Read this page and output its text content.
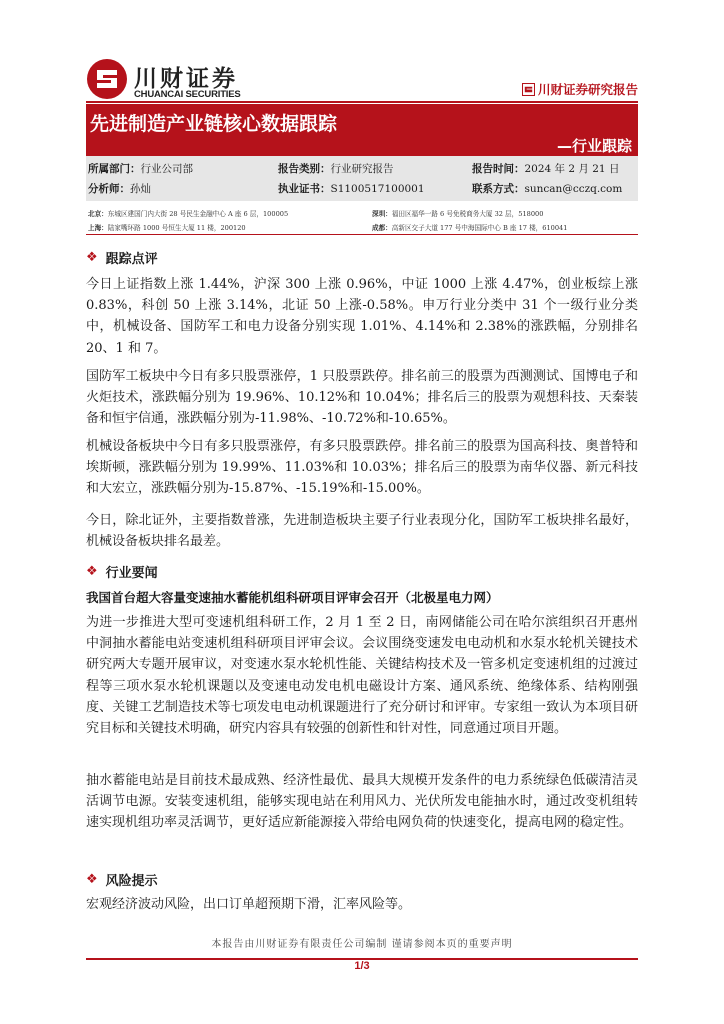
川财证券
CHUANCAI SECURITIES	川财证券研究报告
先进制造产业链核心数据跟踪
—行业跟踪
所属部门：行业公司部	报告类别：行业研究报告	报告时间：2024 年 2 月 21 日
分析师：孙灿	执业证书：S1100517100001	联系方式：suncan@cczq.com
北京：东城区建国门内大街 28 号民生金融中心 A 座 6 层，100005	深圳：福田区福华一路 6 号免税商务大厦 32 层，518000
上海：陆家嘴环路 1000 号恒生大厦 11 楼，200120	成都：高新区交子大道 177 号中海国际中心 B 座 17 楼，610041
❖ 跟踪点评
今日上证指数上涨 1.44%，沪深 300 上涨 0.96%，中证 1000 上涨 4.47%，创业板综上涨 0.83%，科创 50 上涨 3.14%，北证 50 上涨-0.58%。申万行业分类中 31 个一级行业分类中，机械设备、国防军工和电力设备分别实现 1.01%、4.14%和 2.38%的涨跌幅，分别排名 20、1 和 7。
国防军工板块中今日有多只股票涨停，1 只股票跌停。排名前三的股票为西测测试、国博电子和火炬技术，涨跌幅分别为 19.96%、10.12%和 10.04%；排名后三的股票为观想科技、天秦装备和恒宇信通，涨跌幅分别为-11.98%、-10.72%和-10.65%。
机械设备板块中今日有多只股票涨停，有多只股票跌停。排名前三的股票为国高科技、奥普特和埃斯顿，涨跌幅分别为 19.99%、11.03%和 10.03%；排名后三的股票为南华仪器、新元科技和大宏立，涨跌幅分别为-15.87%、-15.19%和-15.00%。
今日，除北证外，主要指数普涨，先进制造板块主要子行业表现分化，国防军工板块排名最好，机械设备板块排名最差。
❖ 行业要闻
我国首台超大容量变速抽水蓄能机组科研项目评审会召开（北极星电力网）
为进一步推进大型可变速机组科研工作，2 月 1 至 2 日，南网储能公司在哈尔滨组织召开惠州中洞抽水蓄能电站变速机组科研项目评审会议。会议围绕变速发电电动机和水泵水轮机关键技术研究两大专题开展审议，对变速水泵水轮机性能、关键结构技术及一管多机定变速机组的过渡过程等三项水泵水轮机课题以及变速电动发电机电磁设计方案、通风系统、绝缘体系、结构刚强度、关键工艺制造技术等七项发电电动机课题进行了充分研讨和评审。专家组一致认为本项目研究目标和关键技术明确，研究内容具有较强的创新性和针对性，同意通过项目开题。
抽水蓄能电站是目前技术最成熟、经济性最优、最具大规模开发条件的电力系统绿色低碳清洁灵活调节电源。安装变速机组，能够实现电站在利用风力、光伏所发电能抽水时，通过改变机组转速实现机组功率灵活调节，更好适应新能源接入带给电网负荷的快速变化，提高电网的稳定性。
❖ 风险提示
宏观经济波动风险，出口订单超预期下滑，汇率风险等。
本报告由川财证券有限责任公司编制 谨请参阅本页的重要声明
1/3
